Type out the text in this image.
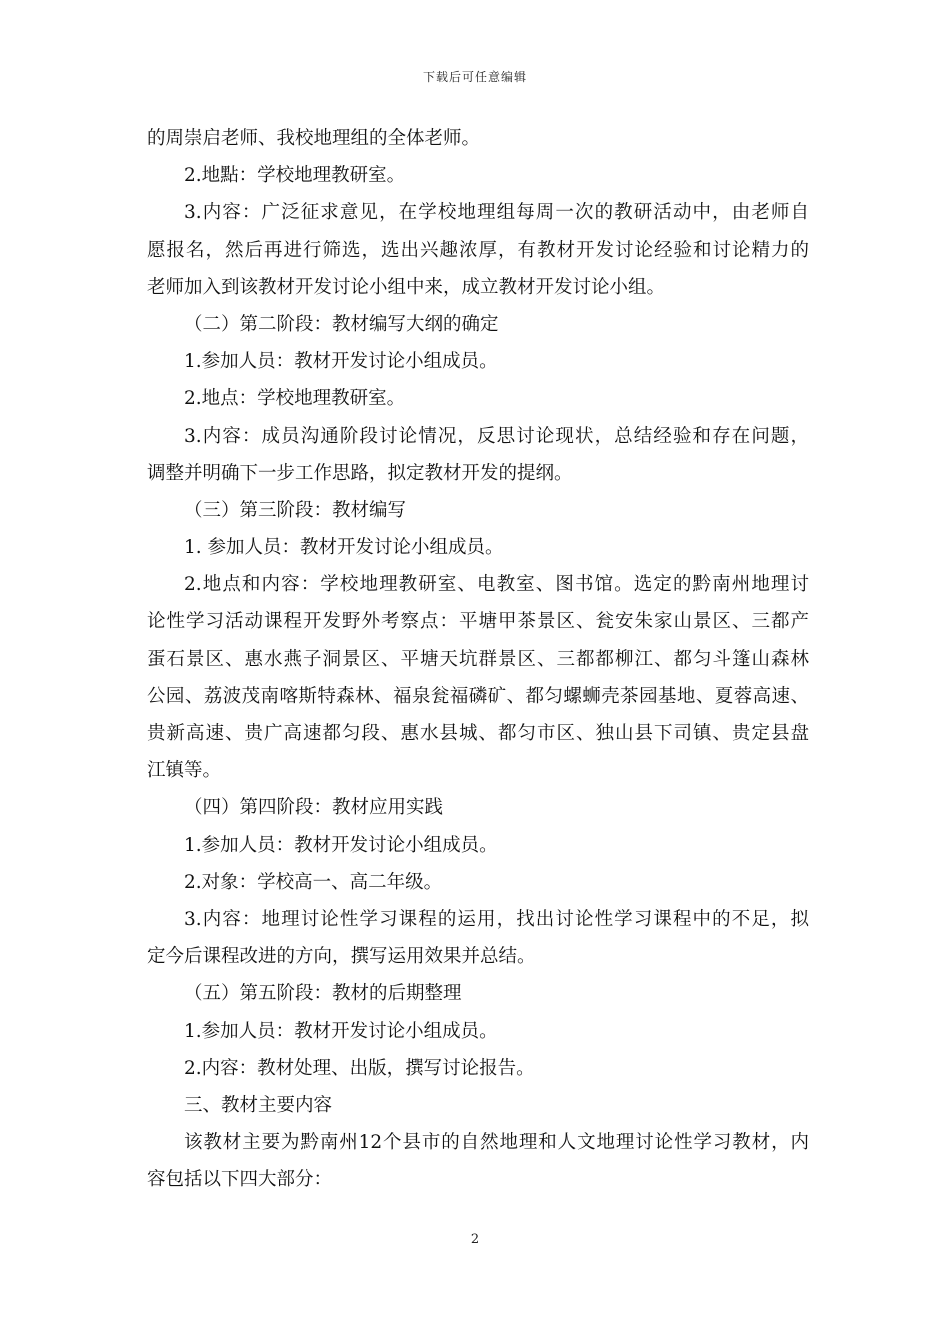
下载后可任意编辑
的周崇启老师、我校地理组的全体老师。
2.地點：学校地理教研室。
3.内容：广泛征求意见，在学校地理组每周一次的教研活动中，由老师自
愿报名，然后再进行筛选，选出兴趣浓厚，有教材开发讨论经验和讨论精力的
老师加入到该教材开发讨论小组中来，成立教材开发讨论小组。
（二）第二阶段：教材编写大纲的确定
1.参加人员：教材开发讨论小组成员。
2.地点：学校地理教研室。
3.内容：成员沟通阶段讨论情况，反思讨论现状，总结经验和存在问题，
调整并明确下一步工作思路，拟定教材开发的提纲。
（三）第三阶段：教材编写
1. 参加人员：教材开发讨论小组成员。
2.地点和内容：学校地理教研室、电教室、图书馆。选定的黔南州地理讨
论性学习活动课程开发野外考察点：平塘甲茶景区、瓮安朱家山景区、三都产
蛋石景区、惠水燕子洞景区、平塘天坑群景区、三都都柳江、都匀斗篷山森林
公园、荔波茂南喀斯特森林、福泉瓮福磷矿、都匀螺蛳壳茶园基地、夏蓉高速、
贵新高速、贵广高速都匀段、惠水县城、都匀市区、独山县下司镇、贵定县盘
江镇等。
（四）第四阶段：教材应用实践
1.参加人员：教材开发讨论小组成员。
2.对象：学校高一、高二年级。
3.内容：地理讨论性学习课程的运用，找出讨论性学习课程中的不足，拟
定今后课程改进的方向，撰写运用效果并总结。
（五）第五阶段：教材的后期整理
1.参加人员：教材开发讨论小组成员。
2.内容：教材处理、出版，撰写讨论报告。
三、教材主要内容
该教材主要为黔南州12个县市的自然地理和人文地理讨论性学习教材，内
容包括以下四大部分：
2
